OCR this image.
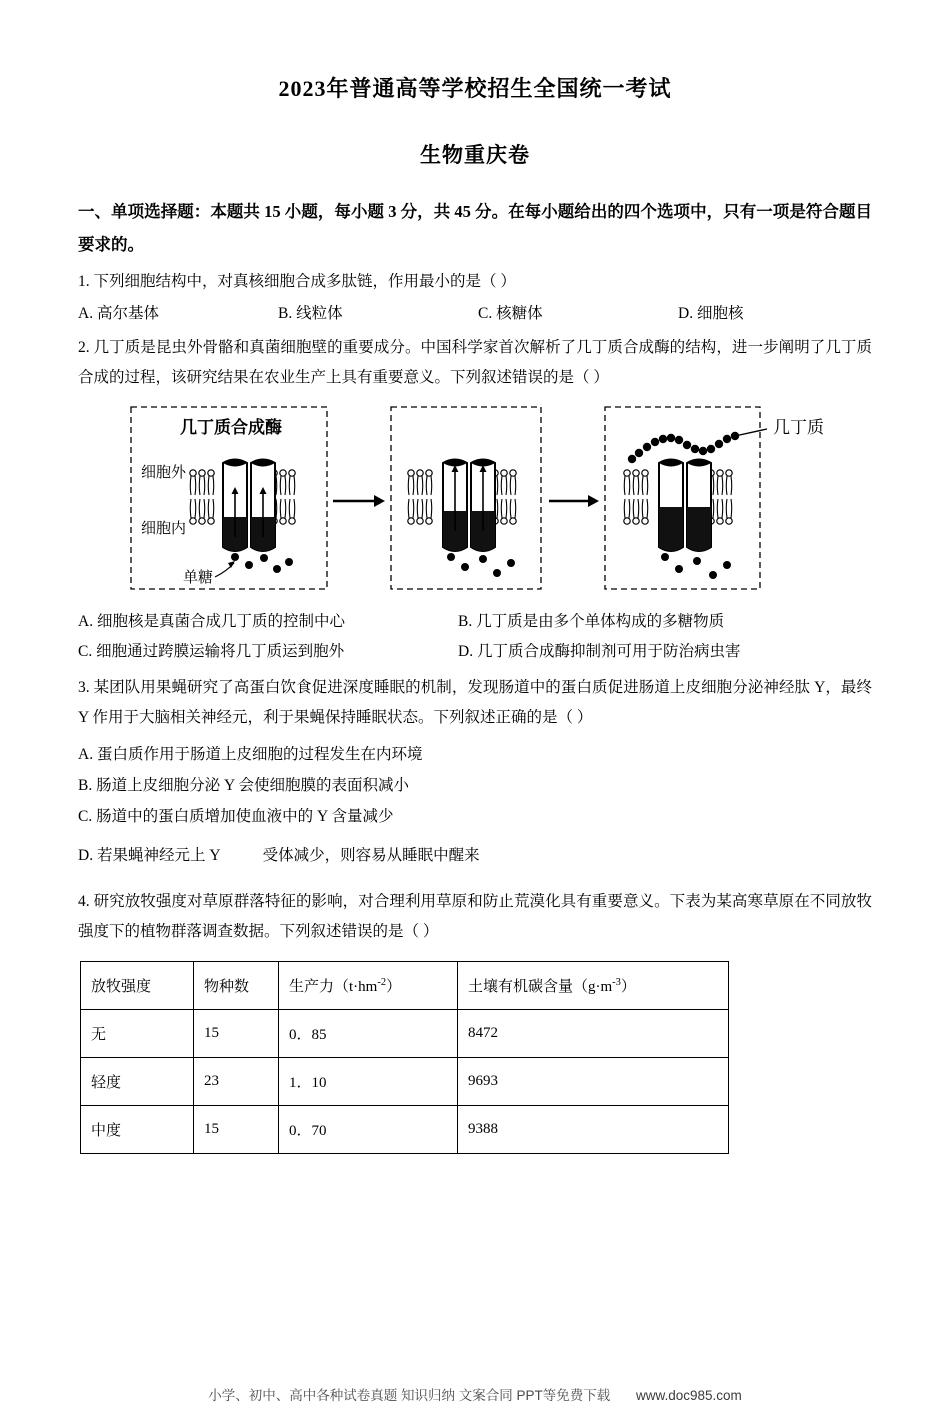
2023年普通高等学校招生全国统一考试
生物重庆卷
一、单项选择题：本题共 15 小题，每小题 3 分，共 45 分。在每小题给出的四个选项中，只有一项是符合题目要求的。
1. 下列细胞结构中，对真核细胞合成多肽链，作用最小的是（ ）
A. 高尔基体	B. 线粒体	C. 核糖体	D. 细胞核
2. 几丁质是昆虫外骨骼和真菌细胞壁的重要成分。中国科学家首次解析了几丁质合成酶的结构，进一步阐明了几丁质合成的过程，该研究结果在农业生产上具有重要意义。下列叙述错误的是（ ）
几丁质合成酶
细胞外
细胞内
单糖
几丁质
A. 细胞核是真菌合成几丁质的控制中心	B. 几丁质是由多个单体构成的多糖物质
C. 细胞通过跨膜运输将几丁质运到胞外	D. 几丁质合成酶抑制剂可用于防治病虫害
3. 某团队用果蝇研究了高蛋白饮食促进深度睡眠的机制，发现肠道中的蛋白质促进肠道上皮细胞分泌神经肽 Y，最终 Y 作用于大脑相关神经元，利于果蝇保持睡眠状态。下列叙述正确的是（ ）
A. 蛋白质作用于肠道上皮细胞的过程发生在内环境
B. 肠道上皮细胞分泌 Y 会使细胞膜的表面积减小
C. 肠道中的蛋白质增加使血液中的 Y 含量减少
D. 若果蝇神经元上 Y           受体减少，则容易从睡眠中醒来
4. 研究放牧强度对草原群落特征的影响，对合理利用草原和防止荒漠化具有重要意义。下表为某高寒草原在不同放牧强度下的植物群落调查数据。下列叙述错误的是（ ）
放牧强度	物种数	生产力$(t\cdot hm^{-2})$	土壤有机碳含量$(g\cdot m^{-3})$
无	15	0．85	8472
轻度	23	1．10	9693
中度	15	0．70	9388
小学、初中、高中各种试卷真题 知识归纳 文案合同 PPT等免费下载 www.doc985.com
